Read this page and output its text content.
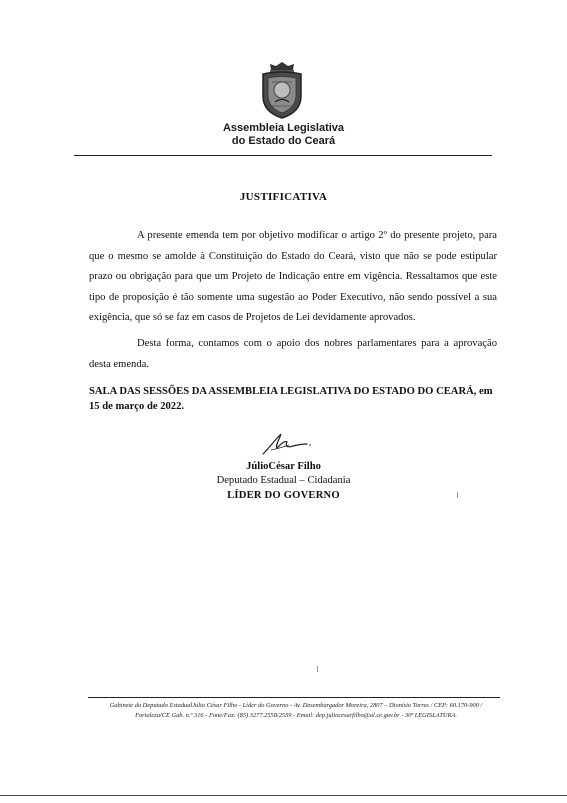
Assembleia Legislativa
do Estado do Ceará
JUSTIFICATIVA

A presente emenda tem por objetivo modificar o artigo 2º do presente projeto, para que o mesmo se amolde à Constituição do Estado do Ceará, visto que não se pode estipular prazo ou obrigação para que um Projeto de Indicação entre em vigência. Ressaltamos que este tipo de proposição é tão somente uma sugestão ao Poder Executivo, não sendo possível a sua exigência, que só se faz em casos de Projetos de Lei devidamente aprovados.

Desta forma, contamos com o apoio dos nobres parlamentares para a aprovação desta emenda.

SALA DAS SESSÕES DA ASSEMBLEIA LEGISLATIVA DO ESTADO DO CEARÁ, em 15 de março de 2022.

JúlioCésar Filho
Deputado Estadual – Cidadania
LÍDER DO GOVERNO
Gabinete do Deputado EstadualJúlio César Filho - Líder do Governo - Av. Desembargador Moreira, 2807 – Dionísio Torres / CEP: 60.170-900 /
Fortaleza/CE Gab. n.º 316 - Fone/Fax: (85) 3277.2558/2559 - Email: dep.juliocesarfilho@al.ce.gov.br - 30ª LEGISLATURA.
